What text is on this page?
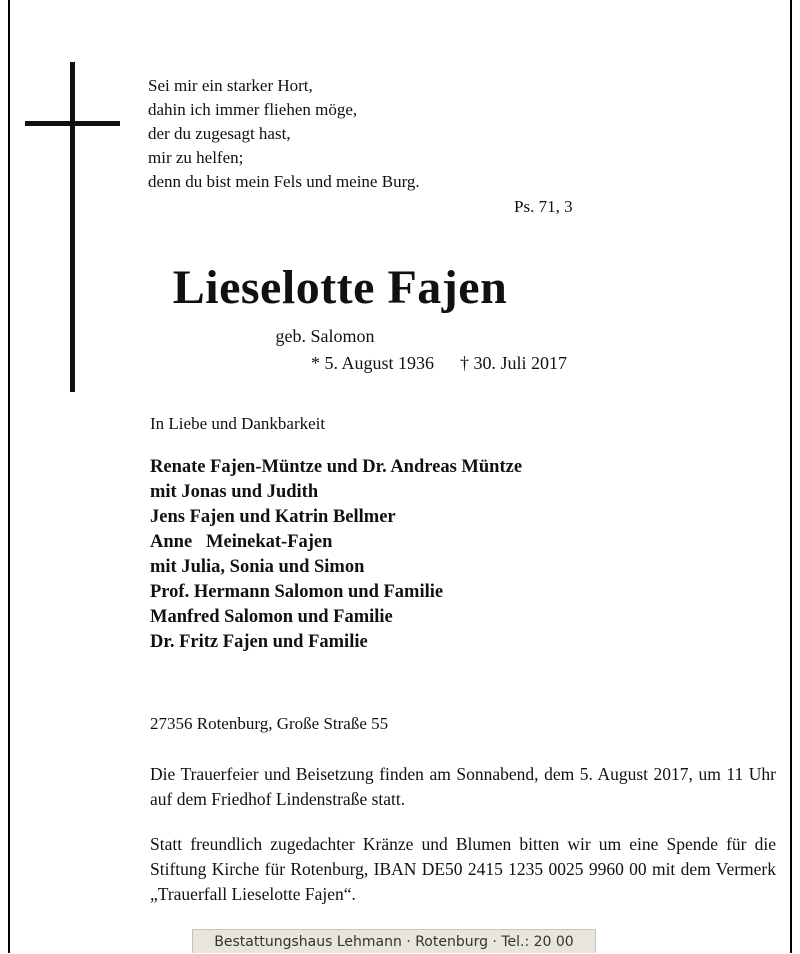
Sei mir ein starker Hort,
dahin ich immer fliehen möge,
der du zugesagt hast,
mir zu helfen;
denn du bist mein Fels und meine Burg.
Ps. 71, 3
Lieselotte Fajen
geb. Salomon
* 5. August 1936 † 30. Juli 2017
In Liebe und Dankbarkeit
Renate Fajen-Müntze und Dr. Andreas Müntze
mit Jonas und Judith
Jens Fajen und Katrin Bellmer
Anne   Meinekat-Fajen
mit Julia, Sonia und Simon
Prof. Hermann Salomon und Familie
Manfred Salomon und Familie
Dr. Fritz Fajen und Familie
27356 Rotenburg, Große Straße 55
Die Trauerfeier und Beisetzung finden am Sonnabend, dem 5. August 2017, um 11 Uhr auf dem Friedhof Lindenstraße statt.
Statt freundlich zugedachter Kränze und Blumen bitten wir um eine Spende für die Stiftung Kirche für Rotenburg, IBAN DE50 2415 1235 0025 9960 00 mit dem Vermerk „Trauerfall Lieselotte Fajen“.
Bestattungshaus Lehmann · Rotenburg · Tel.: 20 00
